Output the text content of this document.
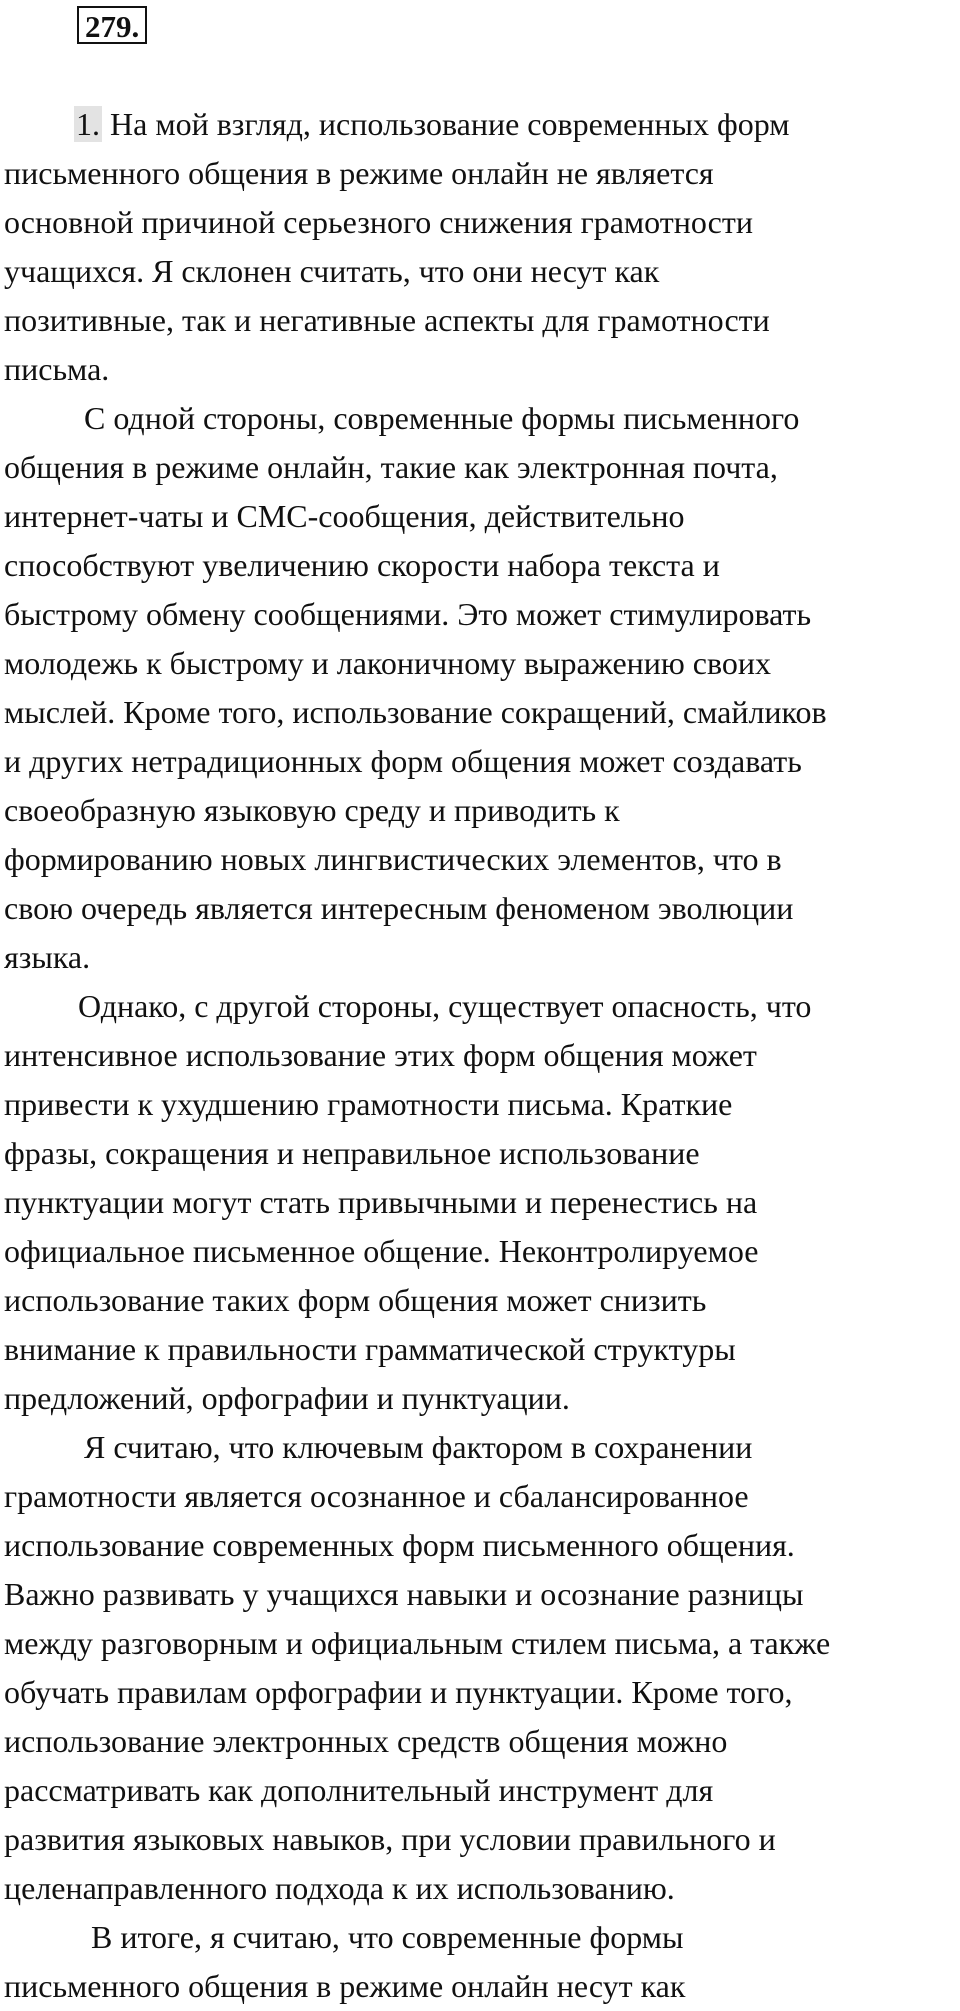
279.
1. На мой взгляд, использование современных форм
письменного общения в режиме онлайн не является
основной причиной серьезного снижения грамотности
учащихся. Я склонен считать, что они несут как
позитивные, так и негативные аспекты для грамотности
письма.
С одной стороны, современные формы письменного
общения в режиме онлайн, такие как электронная почта,
интернет-чаты и СМС-сообщения, действительно
способствуют увеличению скорости набора текста и
быстрому обмену сообщениями. Это может стимулировать
молодежь к быстрому и лаконичному выражению своих
мыслей. Кроме того, использование сокращений, смайликов
и других нетрадиционных форм общения может создавать
своеобразную языковую среду и приводить к
формированию новых лингвистических элементов, что в
свою очередь является интересным феноменом эволюции
языка.
Однако, с другой стороны, существует опасность, что
интенсивное использование этих форм общения может
привести к ухудшению грамотности письма. Краткие
фразы, сокращения и неправильное использование
пунктуации могут стать привычными и перенестись на
официальное письменное общение. Неконтролируемое
использование таких форм общения может снизить
внимание к правильности грамматической структуры
предложений, орфографии и пунктуации.
Я считаю, что ключевым фактором в сохранении
грамотности является осознанное и сбалансированное
использование современных форм письменного общения.
Важно развивать у учащихся навыки и осознание разницы
между разговорным и официальным стилем письма, а также
обучать правилам орфографии и пунктуации. Кроме того,
использование электронных средств общения можно
рассматривать как дополнительный инструмент для
развития языковых навыков, при условии правильного и
целенаправленного подхода к их использованию.
В итоге, я считаю, что современные формы
письменного общения в режиме онлайн несут как
